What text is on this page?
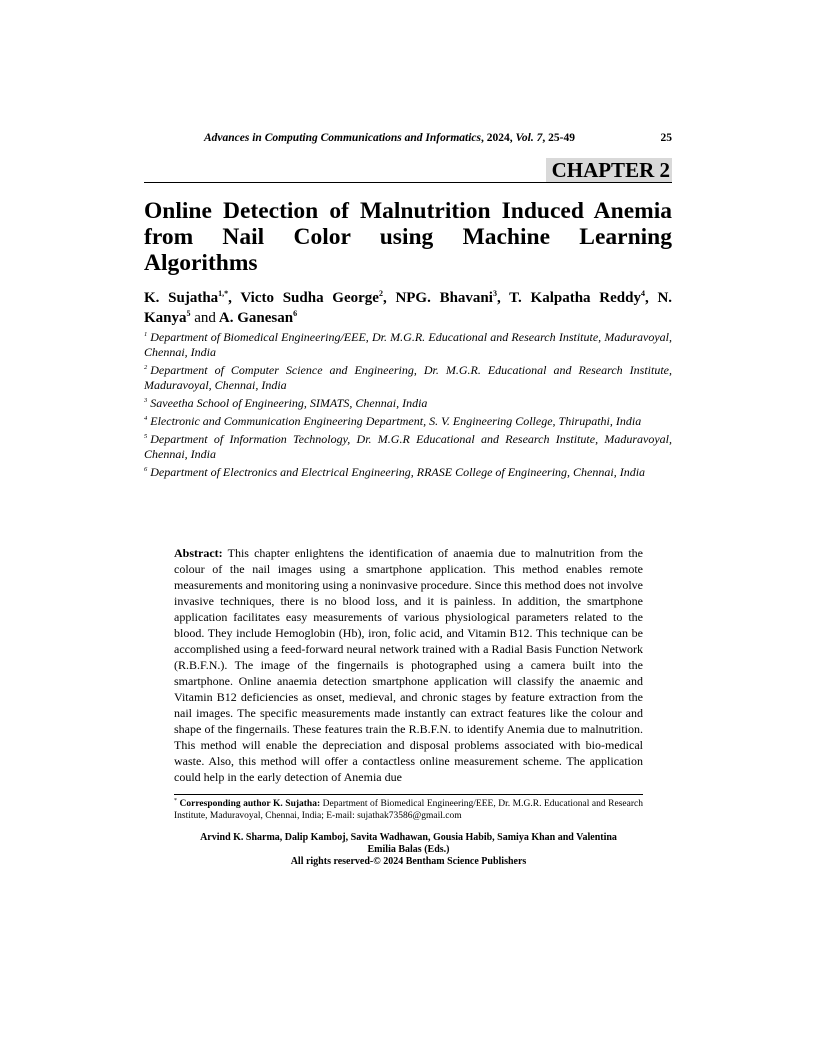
Advances in Computing Communications and Informatics, 2024, Vol. 7, 25-49	25
CHAPTER 2
Online Detection of Malnutrition Induced Anemia
from Nail Color using Machine Learning
Algorithms
K. Sujatha$^{1,*}$, Victo Sudha George$^2$, NPG. Bhavani$^3$, T. Kalpatha Reddy$^4$, N. Kanya$^5$ and A. Ganesan$^6$
$^1$ Department of Biomedical Engineering/EEE, Dr. M.G.R. Educational and Research Institute, Maduravoyal, Chennai, India
$^2$ Department of Computer Science and Engineering, Dr. M.G.R. Educational and Research Institute, Maduravoyal, Chennai, India
$^3$ Saveetha School of Engineering, SIMATS, Chennai, India
$^4$ Electronic and Communication Engineering Department, S. V. Engineering College, Thirupathi, India
$^5$ Department of Information Technology, Dr. M.G.R Educational and Research Institute, Maduravoyal, Chennai, India
$^6$ Department of Electronics and Electrical Engineering, RRASE College of Engineering, Chennai, India
Abstract: This chapter enlightens the identification of anaemia due to malnutrition from the colour of the nail images using a smartphone application. This method enables remote measurements and monitoring using a noninvasive procedure. Since this method does not involve invasive techniques, there is no blood loss, and it is painless. In addition, the smartphone application facilitates easy measurements of various physiological parameters related to the blood. They include Hemoglobin (Hb), iron, folic acid, and Vitamin B12. This technique can be accomplished using a feed-forward neural network trained with a Radial Basis Function Network (R.B.F.N.). The image of the fingernails is photographed using a camera built into the smartphone. Online anaemia detection smartphone application will classify the anaemic and Vitamin B12 deficiencies as onset, medieval, and chronic stages by feature extraction from the nail images. The specific measurements made instantly can extract features like the colour and shape of the fingernails. These features train the R.B.F.N. to identify Anemia due to malnutrition. This method will enable the depreciation and disposal problems associated with bio-medical waste. Also, this method will offer a contactless online measurement scheme. The application could help in the early detection of Anemia due
* Corresponding author K. Sujatha: Department of Biomedical Engineering/EEE, Dr. M.G.R. Educational and Research Institute, Maduravoyal, Chennai, India; E-mail: sujathak73586@gmail.com
Arvind K. Sharma, Dalip Kamboj, Savita Wadhawan, Gousia Habib, Samiya Khan and Valentina
Emilia Balas (Eds.)
All rights reserved-© 2024 Bentham Science Publishers
